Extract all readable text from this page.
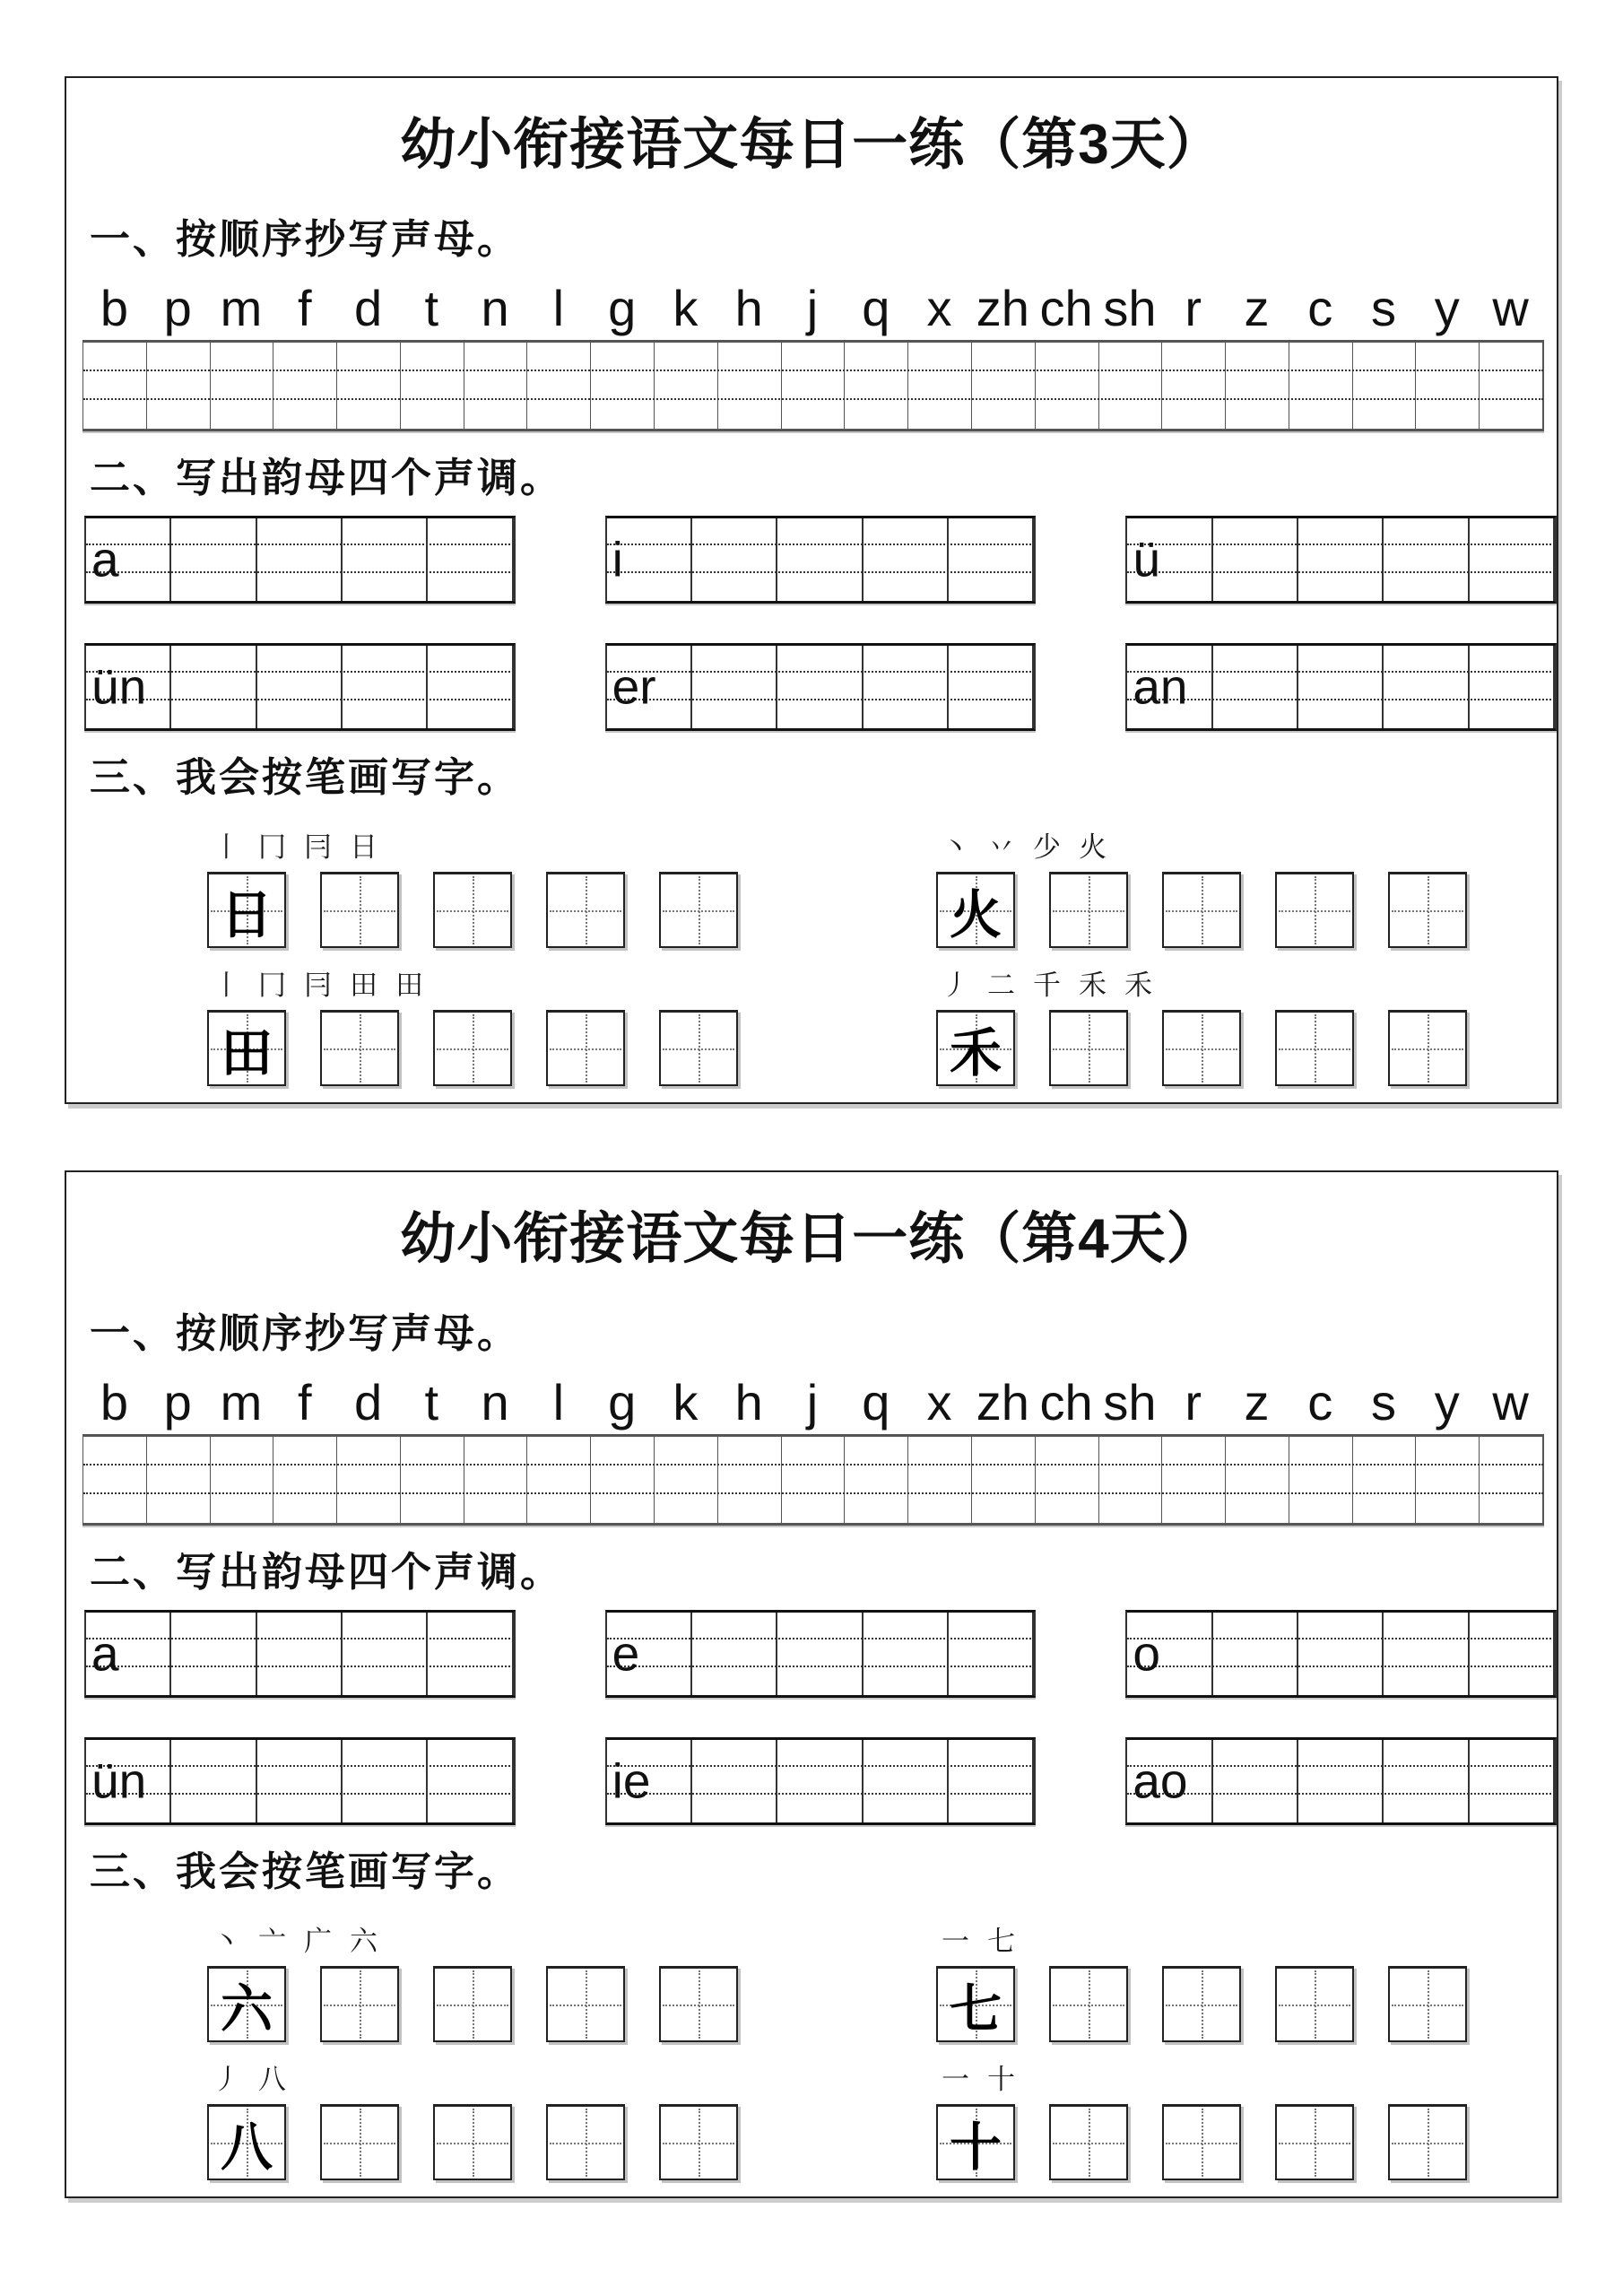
幼小衔接语文每日一练（第3天）
一、按顺序抄写声母。
b p m f d t n l g k h j q x zh ch sh r z c s y w
二、写出韵母四个声调。
a	i	ü
ün	er	an
三、我会按笔画写字。
丨 冂 冃 日
日
丶 丷 少 火
火
丨 冂 冃 田 田
田
丿 二 千 禾 禾
禾
幼小衔接语文每日一练（第4天）
一、按顺序抄写声母。
b p m f d t n l g k h j q x zh ch sh r z c s y w
二、写出韵母四个声调。
a	e	o
ün	ie	ao
三、我会按笔画写字。
丶 亠 广 六
六
一 七
七
丿 八
八
一 十
十
